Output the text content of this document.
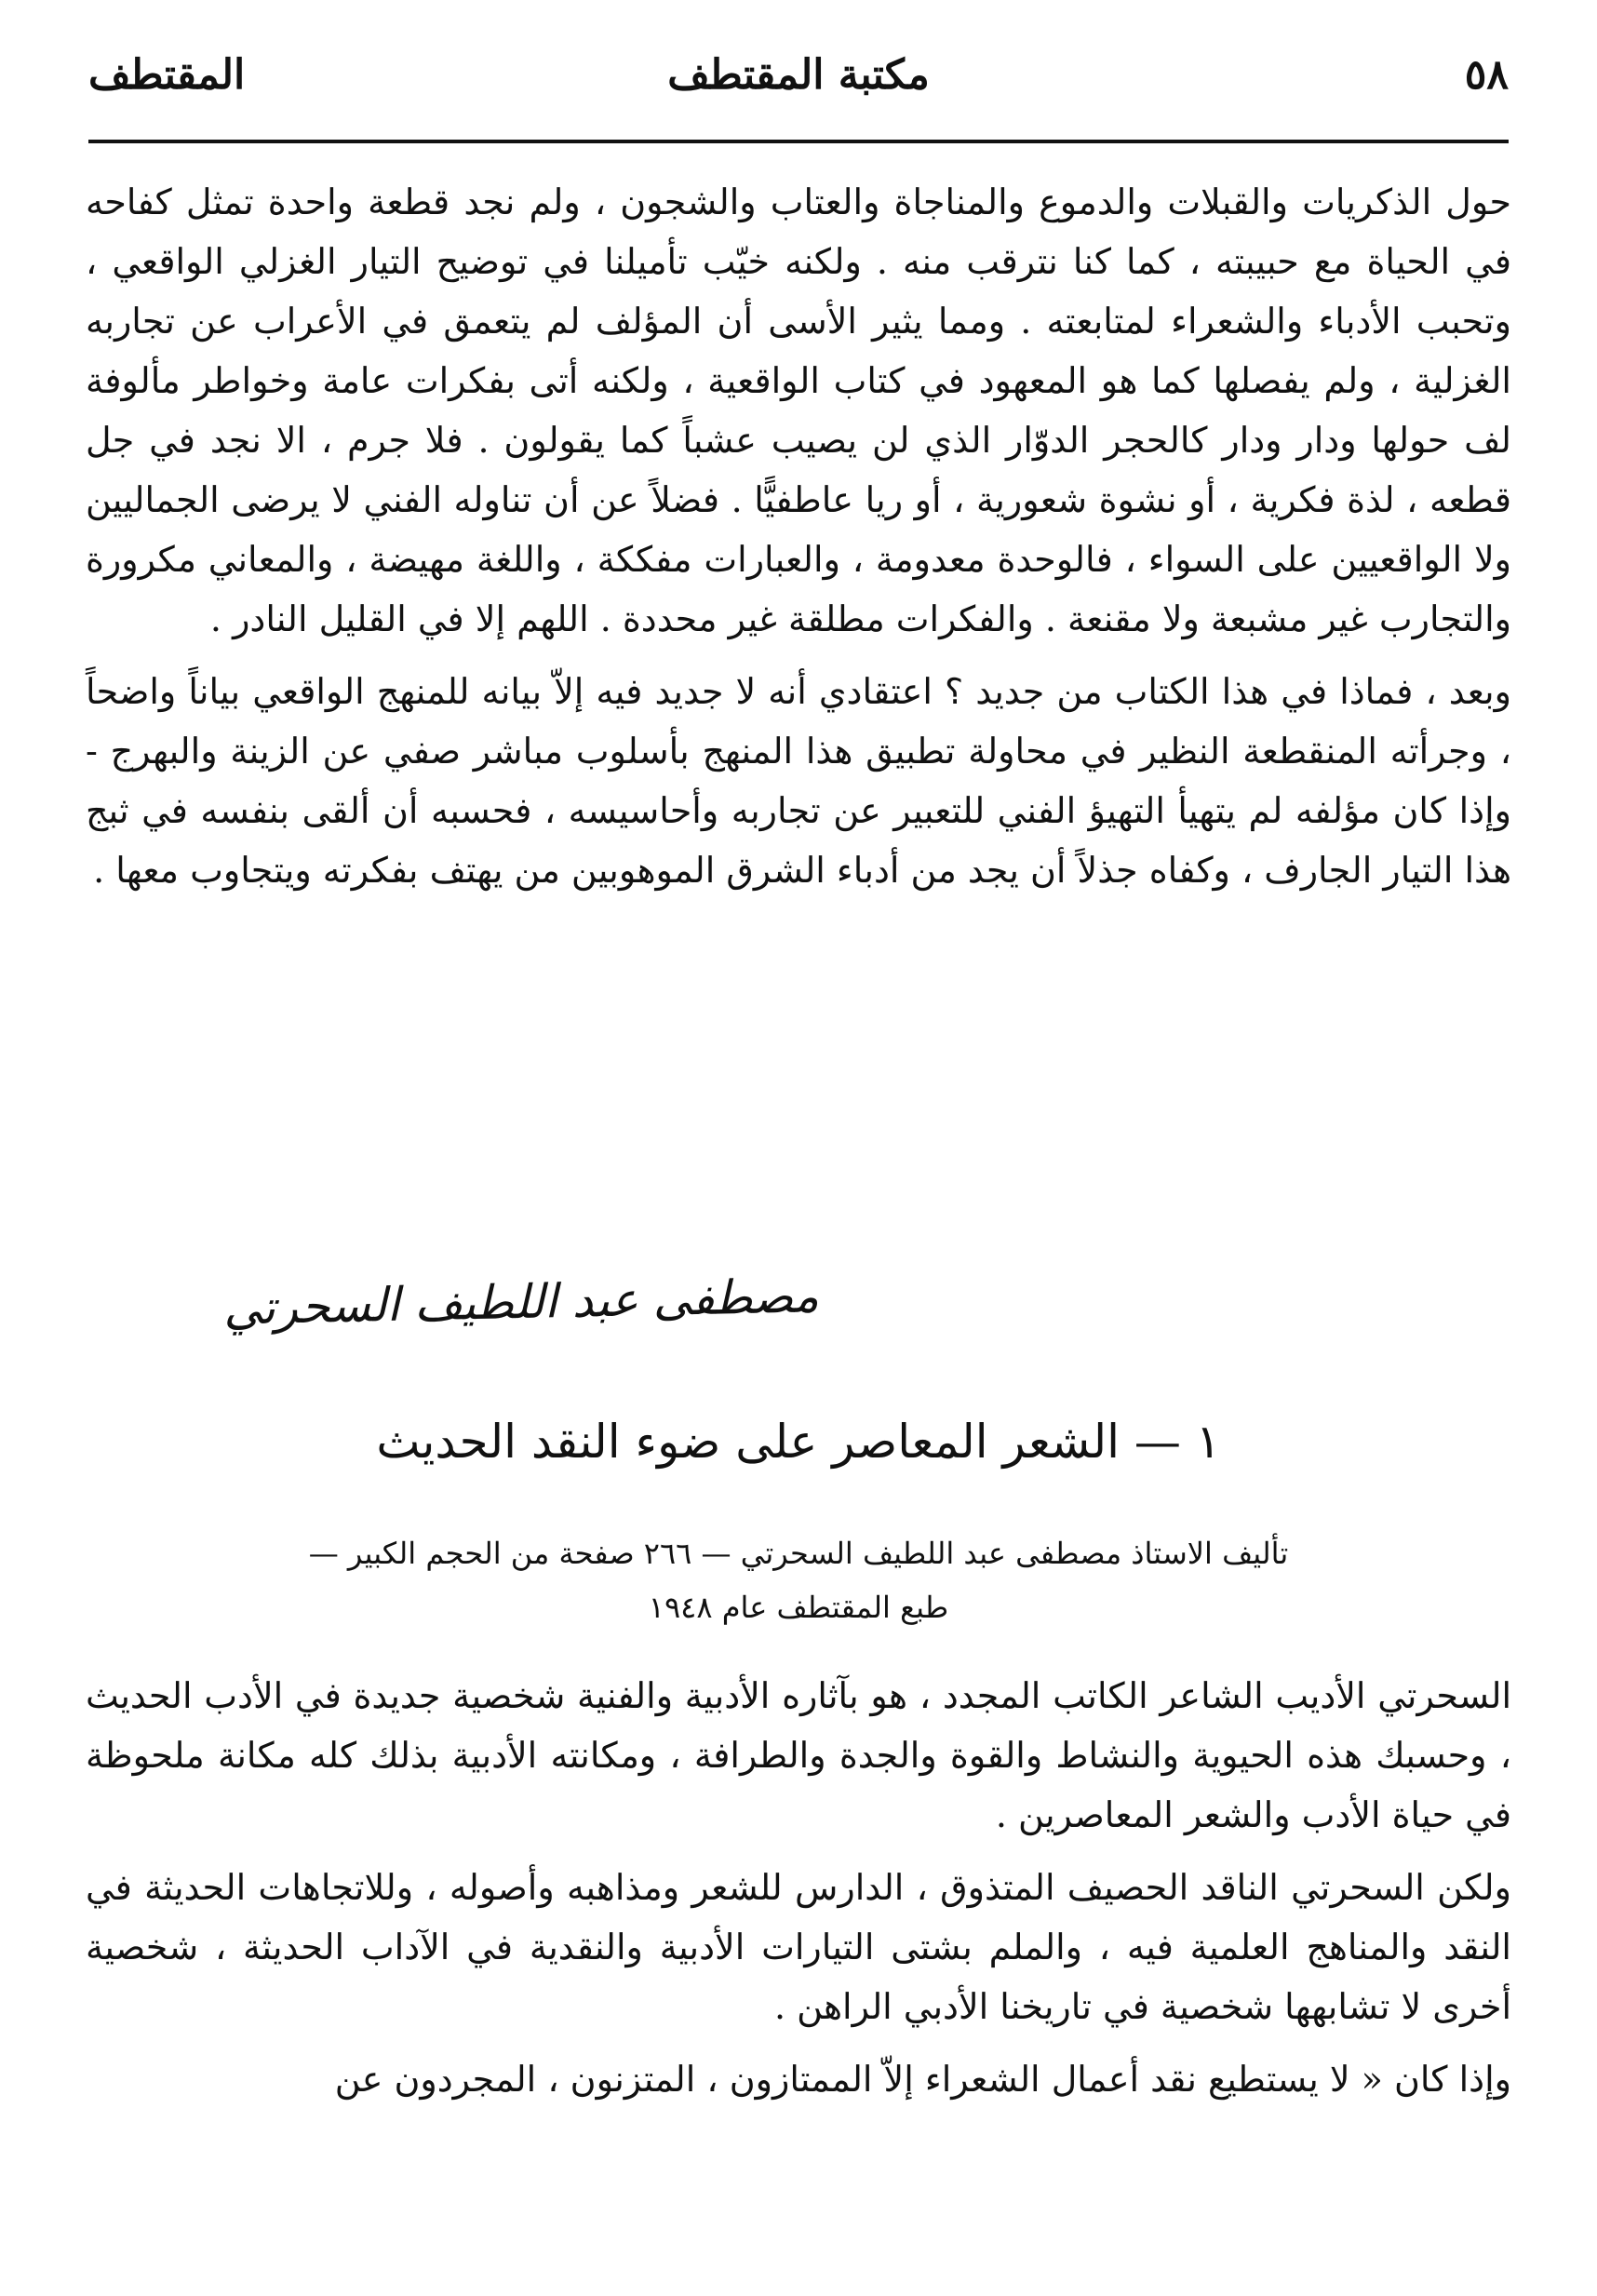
٥٨
مكتبة المقتطف
المقتطف

حول الذكريات والقبلات والدموع والمناجاة والعتاب والشجون ، ولم نجد قطعة واحدة تمثل كفاحه في الحياة مع حبيبته ، كما كنا نترقب منه . ولكنه خيّب تأميلنا في توضيح التيار الغزلي الواقعي ، وتحبب الأدباء والشعراء لمتابعته . ومما يثير الأسى أن المؤلف لم يتعمق في الأعراب عن تجاربه الغزلية ، ولم يفصلها كما هو المعهود في كتاب الواقعية ، ولكنه أتى بفكرات عامة وخواطر مألوفة لف حولها ودار ودار كالحجر الدوّار الذي لن يصيب عشباً كما يقولون . فلا جرم ، الا نجد في جل قطعه ، لذة فكرية ، أو نشوة شعورية ، أو ريا عاطفيًّا . فضلاً عن أن تناوله الفني لا يرضى الجماليين ولا الواقعيين على السواء ، فالوحدة معدومة ، والعبارات مفككة ، واللغة مهيضة ، والمعاني مكرورة والتجارب غير مشبعة ولا مقنعة . والفكرات مطلقة غير محددة . اللهم إلا في القليل النادر .

وبعد ، فماذا في هذا الكتاب من جديد ؟ اعتقادي أنه لا جديد فيه إلاّ بيانه للمنهج الواقعي بياناً واضحاً ، وجرأته المنقطعة النظير في محاولة تطبيق هذا المنهج بأسلوب مباشر صفي عن الزينة والبهرج - وإذا كان مؤلفه لم يتهيأ التهيؤ الفني للتعبير عن تجاربه وأحاسيسه ، فحسبه أن ألقى بنفسه في ثبج هذا التيار الجارف ، وكفاه جذلاً أن يجد من أدباء الشرق الموهوبين من يهتف بفكرته ويتجاوب معها .

مصطفى عبد اللطيف السحرتي
١ — الشعر المعاصر على ضوء النقد الحديث
تأليف الاستاذ مصطفى عبد اللطيف السحرتي — ٢٦٦ صفحة من الحجم الكبير —
طبع المقتطف عام ١٩٤٨

السحرتي الأديب الشاعر الكاتب المجدد ، هو بآثاره الأدبية والفنية شخصية جديدة في الأدب الحديث ، وحسبك هذه الحيوية والنشاط والقوة والجدة والطرافة ، ومكانته الأدبية بذلك كله مكانة ملحوظة في حياة الأدب والشعر المعاصرين .

ولكن السحرتي الناقد الحصيف المتذوق ، الدارس للشعر ومذاهبه وأصوله ، وللاتجاهات الحديثة في النقد والمناهج العلمية فيه ، والملم بشتى التيارات الأدبية والنقدية في الآداب الحديثة ، شخصية أخرى لا تشابهها شخصية في تاريخنا الأدبي الراهن .

وإذا كان « لا يستطيع نقد أعمال الشعراء إلاّ الممتازون ، المتزنون ، المجردون عن
